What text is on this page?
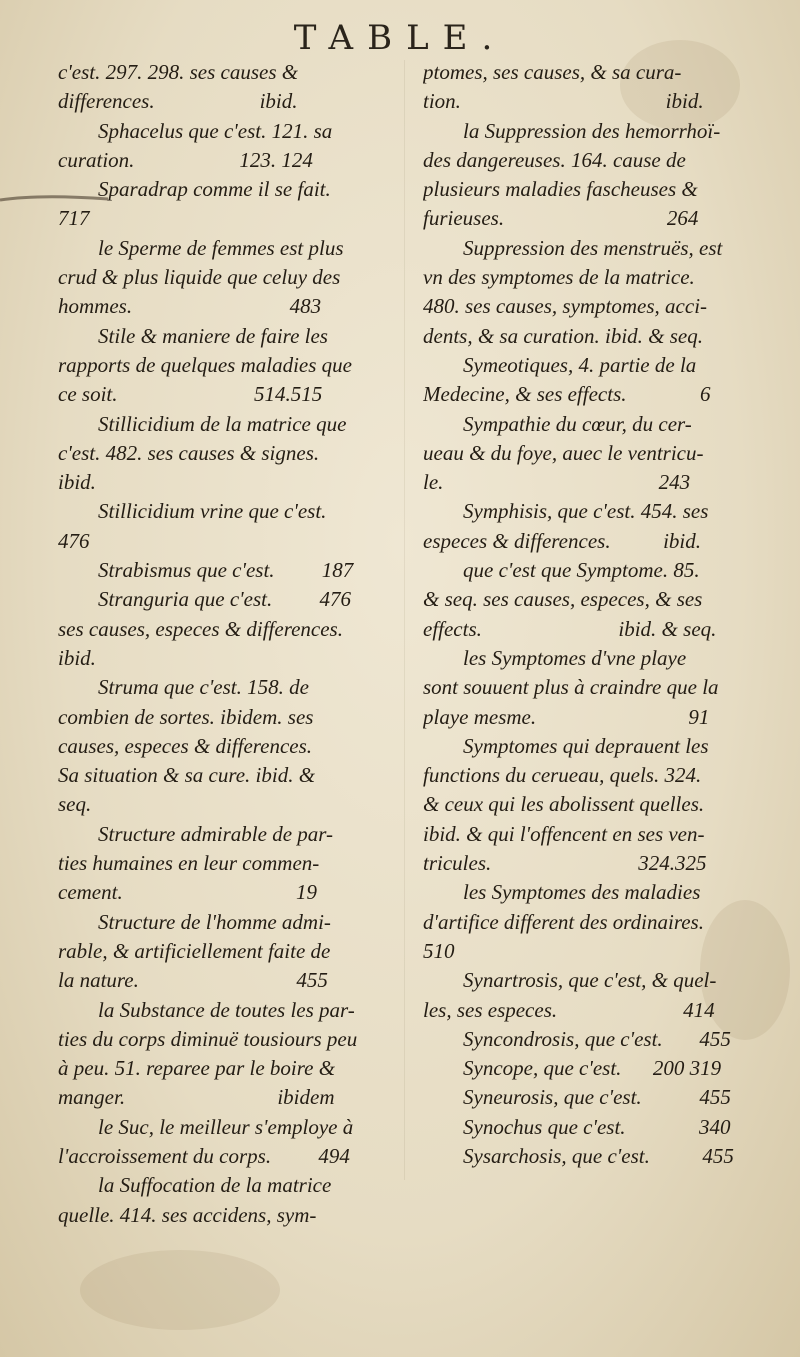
TABLE.
c'est. 297. 298. ses causes &
differences.                    ibid.
Sphacelus que c'est. 121. sa
curation.                    123. 124
Sparadrap comme il se fait.
717
le Sperme de femmes est plus
crud & plus liquide que celuy des
hommes.                              483
Stile & maniere de faire les
rapports de quelques maladies que
ce soit.                          514.515
Stillicidium de la matrice que
c'est. 482. ses causes & signes.
ibid.
Stillicidium vrine que c'est.
476
Strabismus que c'est.         187
Stranguria que c'est.         476
ses causes, especes & differences.
ibid.
Struma que c'est. 158. de
combien de sortes. ibidem. ses
causes, especes & differences.
Sa situation & sa cure. ibid. &
seq.
Structure admirable de par-
ties humaines en leur commen-
cement.                                 19
Structure de l'homme admi-
rable, & artificiellement faite de
la nature.                              455
la Substance de toutes les par-
ties du corps diminuë tousiours peu
à peu. 51. reparee par le boire &
manger.                             ibidem
le Suc, le meilleur s'employe à
l'accroissement du corps.         494
la Suffocation de la matrice
quelle. 414. ses accidens, sym-
ptomes, ses causes, & sa cura-
tion.                                       ibid.
la Suppression des hemorrhoï-
des dangereuses. 164. cause de
plusieurs maladies fascheuses &
furieuses.                               264
Suppression des menstruës, est
vn des symptomes de la matrice.
480. ses causes, symptomes, acci-
dents, & sa curation. ibid. & seq.
Symeotiques, 4. partie de la
Medecine, & ses effects.              6
Sympathie du cœur, du cer-
ueau & du foye, auec le ventricu-
le.                                         243
Symphisis, que c'est. 454. ses
especes & differences.          ibid.
que c'est que Symptome. 85.
& seq. ses causes, especes, & ses
effects.                          ibid. & seq.
les Symptomes d'vne playe
sont souuent plus à craindre que la
playe mesme.                             91
Symptomes qui deprauent les
functions du cerueau, quels. 324.
& ceux qui les abolissent quelles.
ibid. & qui l'offencent en ses ven-
tricules.                            324.325
les Symptomes des maladies
d'artifice different des ordinaires.
510
Synartrosis, que c'est, & quel-
les, ses especes.                        414
Syncondrosis, que c'est.       455
Syncope, que c'est.      200 319
Syneurosis, que c'est.           455
Synochus que c'est.              340
Sysarchosis, que c'est.          455
